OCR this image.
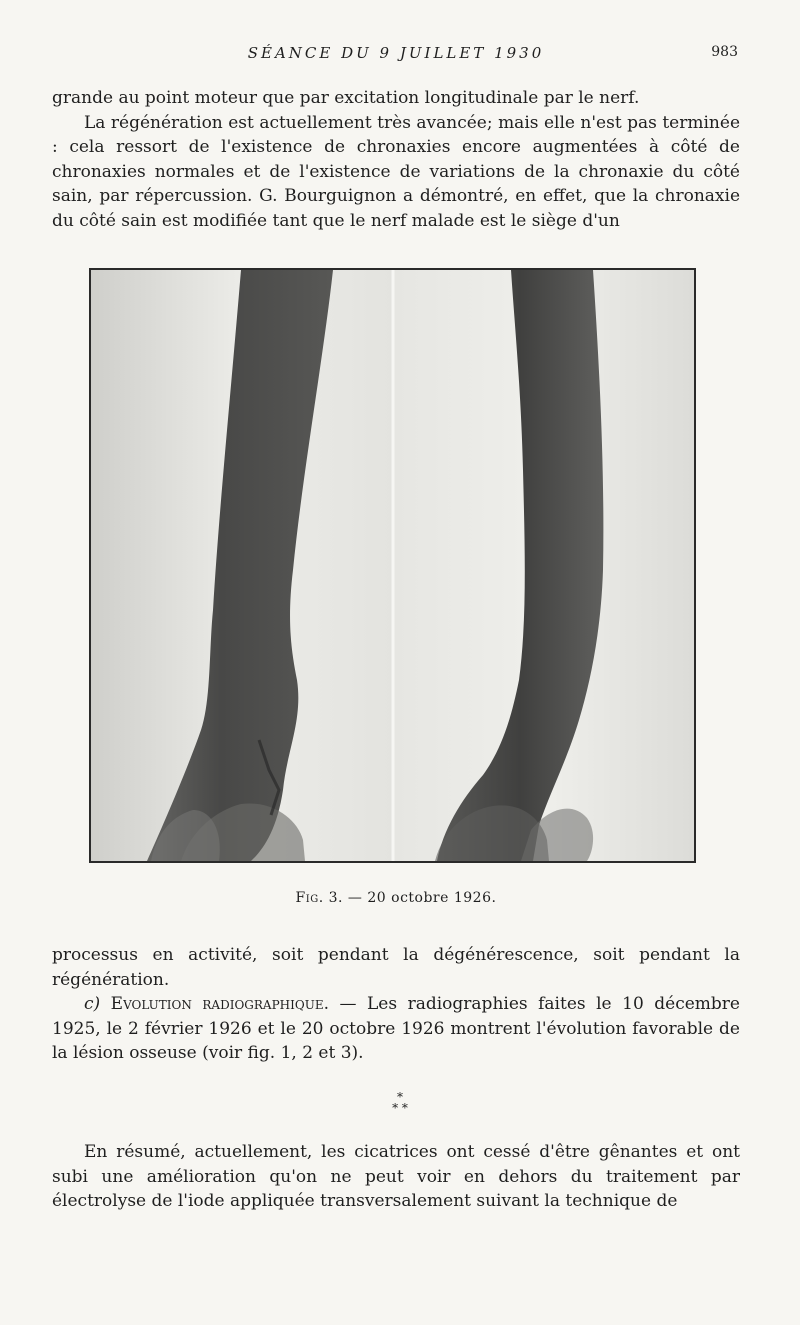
SÉANCE DU 9 JUILLET 1930	983

grande au point moteur que par excitation longitudinale par le nerf.

La régénération est actuellement très avancée; mais elle n'est pas terminée : cela ressort de l'existence de chronaxies encore augmentées à côté de chronaxies normales et de l'existence de variations de la chronaxie du côté sain, par répercussion. G. Bourguignon a démontré, en effet, que la chronaxie du côté sain est modifiée tant que le nerf malade est le siège d'un

Fig. 3. — 20 octobre 1926.

processus en activité, soit pendant la dégénérescence, soit pendant la régénération.

c) Evolution radiographique. — Les radiographies faites le 10 décembre 1925, le 2 février 1926 et le 20 octobre 1926 montrent l'évolution favorable de la lésion osseuse (voir fig. 1, 2 et 3).

*
* *

En résumé, actuellement, les cicatrices ont cessé d'être gênantes et ont subi une amélioration qu'on ne peut voir en dehors du traitement par électrolyse de l'iode appliquée transversalement suivant la technique de
